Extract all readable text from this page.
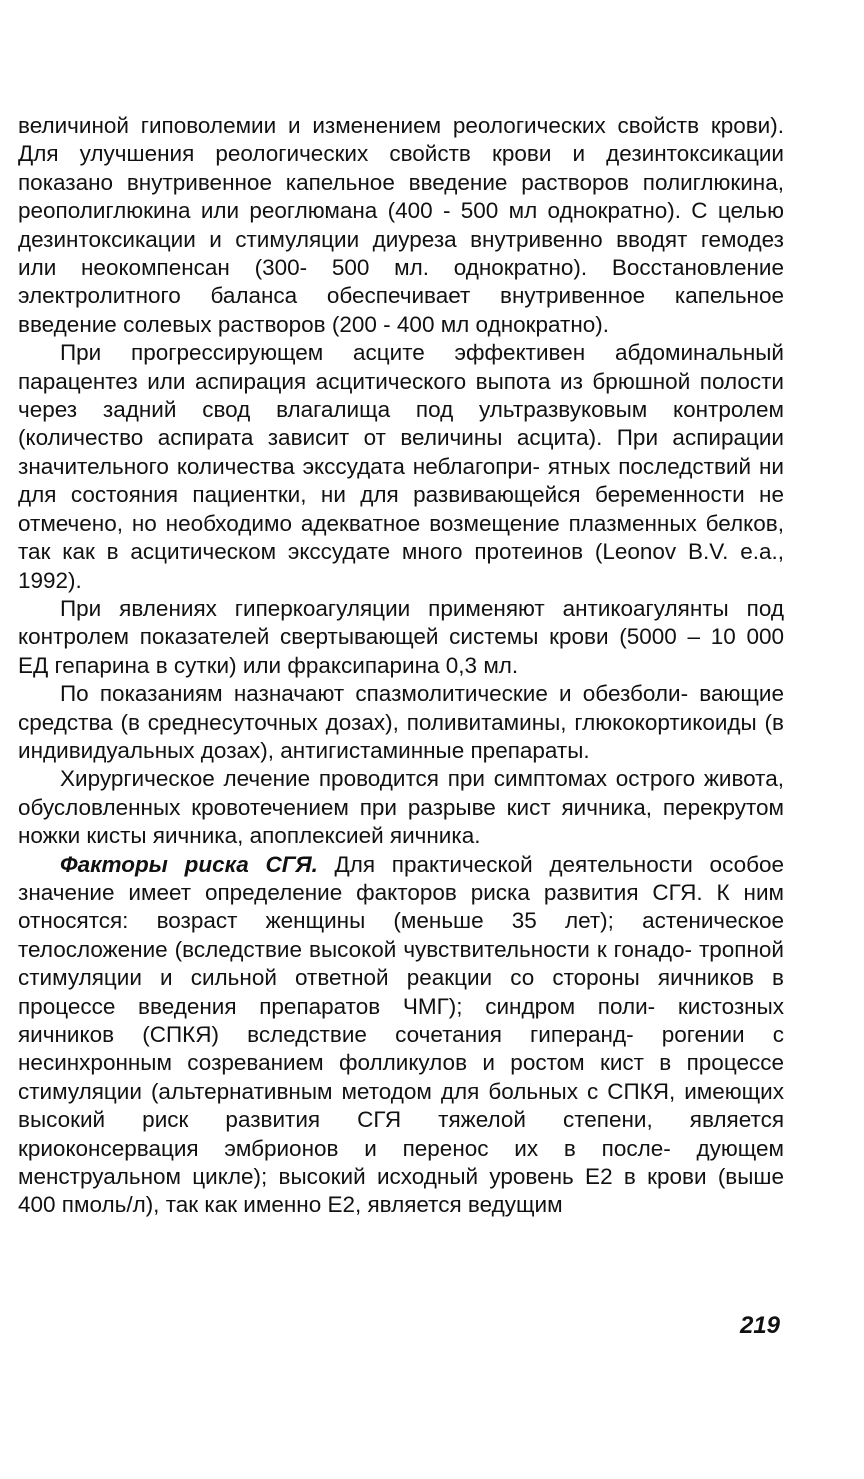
величиной гиповолемии и изменением реологических свойств крови). Для улучшения реологических свойств крови и дезинтоксикации показано внутривенное капельное введение растворов полиглюкина, реополиглюкина или реоглюмана (400 - 500 мл однократно). С целью дезинтоксикации и стимуляции диуреза внутривенно вводят гемодез или неокомпенсан (300- 500 мл. однократно). Восстановление электролитного баланса обеспечивает внутривенное капельное введение солевых растворов (200 - 400 мл однократно).

При прогрессирующем асците эффективен абдоминальный парацентез или аспирация асцитического выпота из брюшной полости через задний свод влагалища под ультразвуковым контролем (количество аспирата зависит от величины асцита). При аспирации значительного количества экссудата неблагопри- ятных последствий ни для состояния пациентки, ни для развивающейся беременности не отмечено, но необходимо адекватное возмещение плазменных белков, так как в асцитическом экссудате много протеинов (Leonov B.V. e.a., 1992).

При явлениях гиперкоагуляции применяют антикоагулянты под контролем показателей свертывающей системы крови (5000 – 10 000 ЕД гепарина в сутки) или фраксипарина 0,3 мл.

По показаниям назначают спазмолитические и обезболи- вающие средства (в среднесуточных дозах), поливитамины, глюкокортикоиды (в индивидуальных дозах), антигистаминные препараты.

Хирургическое лечение проводится при симптомах острого живота, обусловленных кровотечением при разрыве кист яичника, перекрутом ножки кисты яичника, апоплексией яичника.

Факторы риска СГЯ. Для практической деятельности особое значение имеет определение факторов риска развития СГЯ. К ним относятся: возраст женщины (меньше 35 лет); астеническое телосложение (вследствие высокой чувствительности к гонадо- тропной стимуляции и сильной ответной реакции со стороны яичников в процессе введения препаратов ЧМГ); синдром поли- кистозных яичников (СПКЯ) вследствие сочетания гиперанд- рогении с несинхронным созреванием фолликулов и ростом кист в процессе стимуляции (альтернативным методом для больных с СПКЯ, имеющих высокий риск развития СГЯ тяжелой степени, является криоконсервация эмбрионов и перенос их в после- дующем менструальном цикле); высокий исходный уровень Е2 в крови (выше 400 пмоль/л), так как именно Е2, является ведущим

219
